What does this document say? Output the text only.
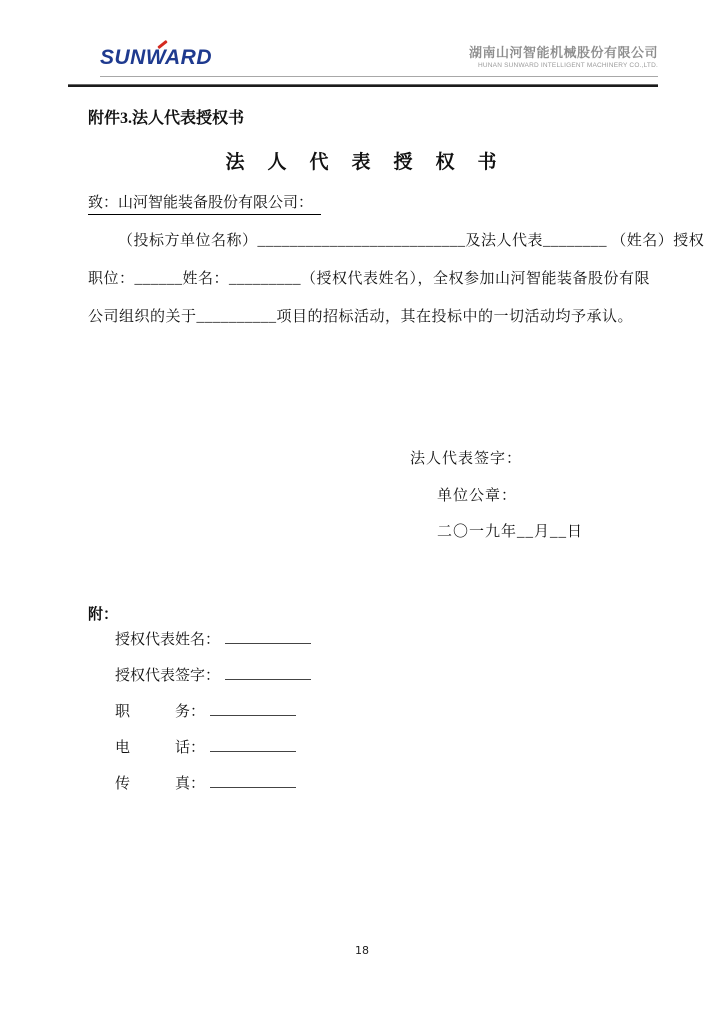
SUNWARD	湖南山河智能机械股份有限公司
HUNAN SUNWARD INTELLIGENT MACHINERY CO.,LTD.
附件3.法人代表授权书
法　人　代　表　授　权　书
致：山河智能装备股份有限公司：
（投标方单位名称）__________________________及法人代表________ （姓名）授权
职位：______姓名：_________（授权代表姓名），全权参加山河智能装备股份有限
公司组织的关于__________项目的招标活动，其在投标中的一切活动均予承认。
法人代表签字：
单位公章：
二〇一九年__月__日
附：
授权代表姓名：
授权代表签字：
职　　　务：
电　　　话：
传　　　真：
18
